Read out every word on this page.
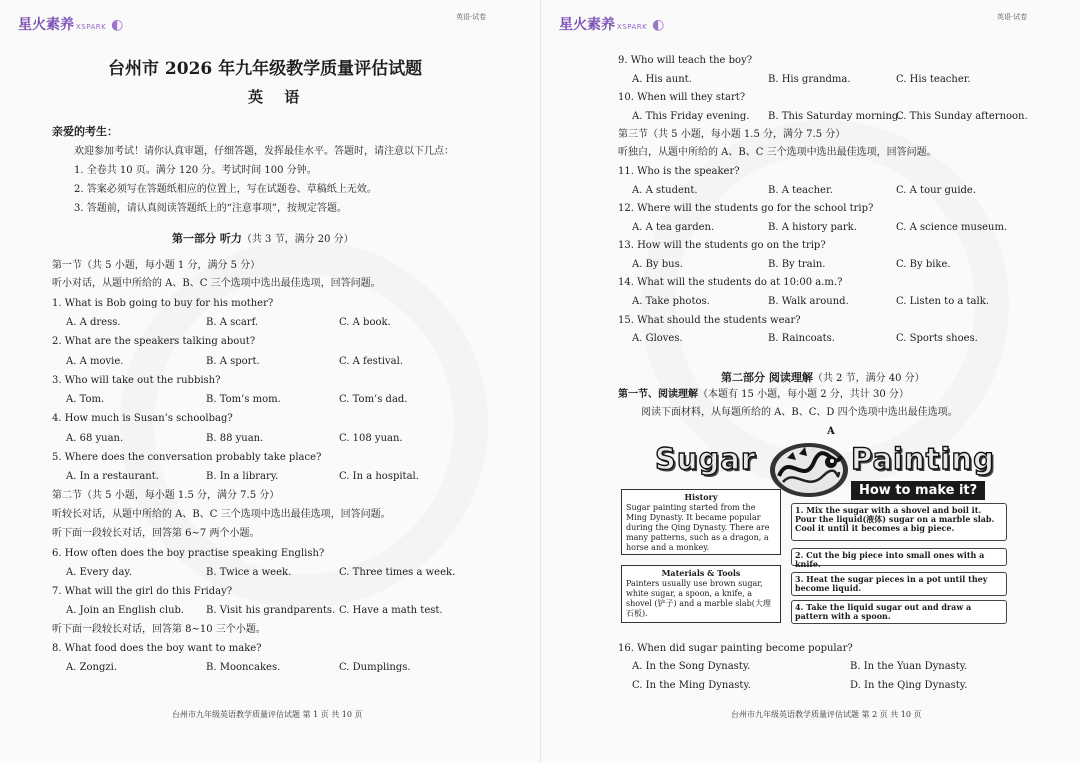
星火素养 XSPARK ◐	英语·试卷
台州市 2026 年九年级教学质量评估试题
英 语
亲爱的考生：
欢迎参加考试！请你认真审题，仔细答题，发挥最佳水平。答题时，请注意以下几点：
1. 全卷共 10 页。满分 120 分。考试时间 100 分钟。
2. 答案必须写在答题纸相应的位置上，写在试题卷、草稿纸上无效。
3. 答题前，请认真阅读答题纸上的“注意事项”，按规定答题。
第一部分 听力（共 3 节，满分 20 分）
第一节（共 5 小题，每小题 1 分，满分 5 分）
听小对话，从题中所给的 A、B、C 三个选项中选出最佳选项，回答问题。
1. What is Bob going to buy for his mother?
A. A dress.	B. A scarf.	C. A book.
2. What are the speakers talking about?
A. A movie.	B. A sport.	C. A festival.
3. Who will take out the rubbish?
A. Tom.	B. Tom’s mom.	C. Tom’s dad.
4. How much is Susan’s schoolbag?
A. 68 yuan.	B. 88 yuan.	C. 108 yuan.
5. Where does the conversation probably take place?
A. In a restaurant.	B. In a library.	C. In a hospital.
第二节（共 5 小题，每小题 1.5 分，满分 7.5 分）
听较长对话，从题中所给的 A、B、C 三个选项中选出最佳选项，回答问题。
听下面一段较长对话，回答第 6~7 两个小题。
6. How often does the boy practise speaking English?
A. Every day.	B. Twice a week.	C. Three times a week.
7. What will the girl do this Friday?
A. Join an English club. B. Visit his grandparents. C. Have a math test.
听下面一段较长对话，回答第 8~10 三个小题。
8. What food does the boy want to make?
A. Zongzi.	B. Mooncakes.	C. Dumplings.
台州市九年级英语教学质量评估试题 第 1 页 共 10 页
星火素养 XSPARK ◐	英语·试卷
9. Who will teach the boy?
A. His aunt.	B. His grandma.	C. His teacher.
10. When will they start?
A. This Friday evening. B. This Saturday morning.
C. This Sunday afternoon.
第三节（共 5 小题，每小题 1.5 分，满分 7.5 分）
听独白，从题中所给的 A、B、C 三个选项中选出最佳选项，回答问题。
11. Who is the speaker?
A. A student.	B. A teacher.	C. A tour guide.
12. Where will the students go for the school trip?
A. A tea garden.	B. A history park.	C. A science museum.
13. How will the students go on the trip?
A. By bus.	B. By train.	C. By bike.
14. What will the students do at 10:00 a.m.?
A. Take photos.	B. Walk around.	C. Listen to a talk.
15. What should the students wear?
A. Gloves.	B. Raincoats.	C. Sports shoes.
第二部分 阅读理解（共 2 节，满分 40 分）
第一节、阅读理解（本题有 15 小题，每小题 2 分，共计 30 分）
阅读下面材料，从每题所给的 A、B、C、D 四个选项中选出最佳选项。
A
Sugar	Painting
How to make it?
History
Sugar painting started from the Ming Dynasty. It became popular during the Qing Dynasty. There are many patterns, such as a dragon, a horse and a monkey.
Materials & Tools
Painters usually use brown sugar, white sugar, a spoon, a knife, a shovel (铲子) and a marble slab(大理石板).
1. Mix the sugar with a shovel and boil it. Pour the liquid(液体) sugar on a marble slab. Cool it until it becomes a big piece.
2. Cut the big piece into small ones with a knife.
3. Heat the sugar pieces in a pot until they become liquid.
4. Take the liquid sugar out and draw a pattern with a spoon.
16. When did sugar painting become popular?
A. In the Song Dynasty.	B. In the Yuan Dynasty.
C. In the Ming Dynasty.	D. In the Qing Dynasty.
台州市九年级英语教学质量评估试题 第 2 页 共 10 页
